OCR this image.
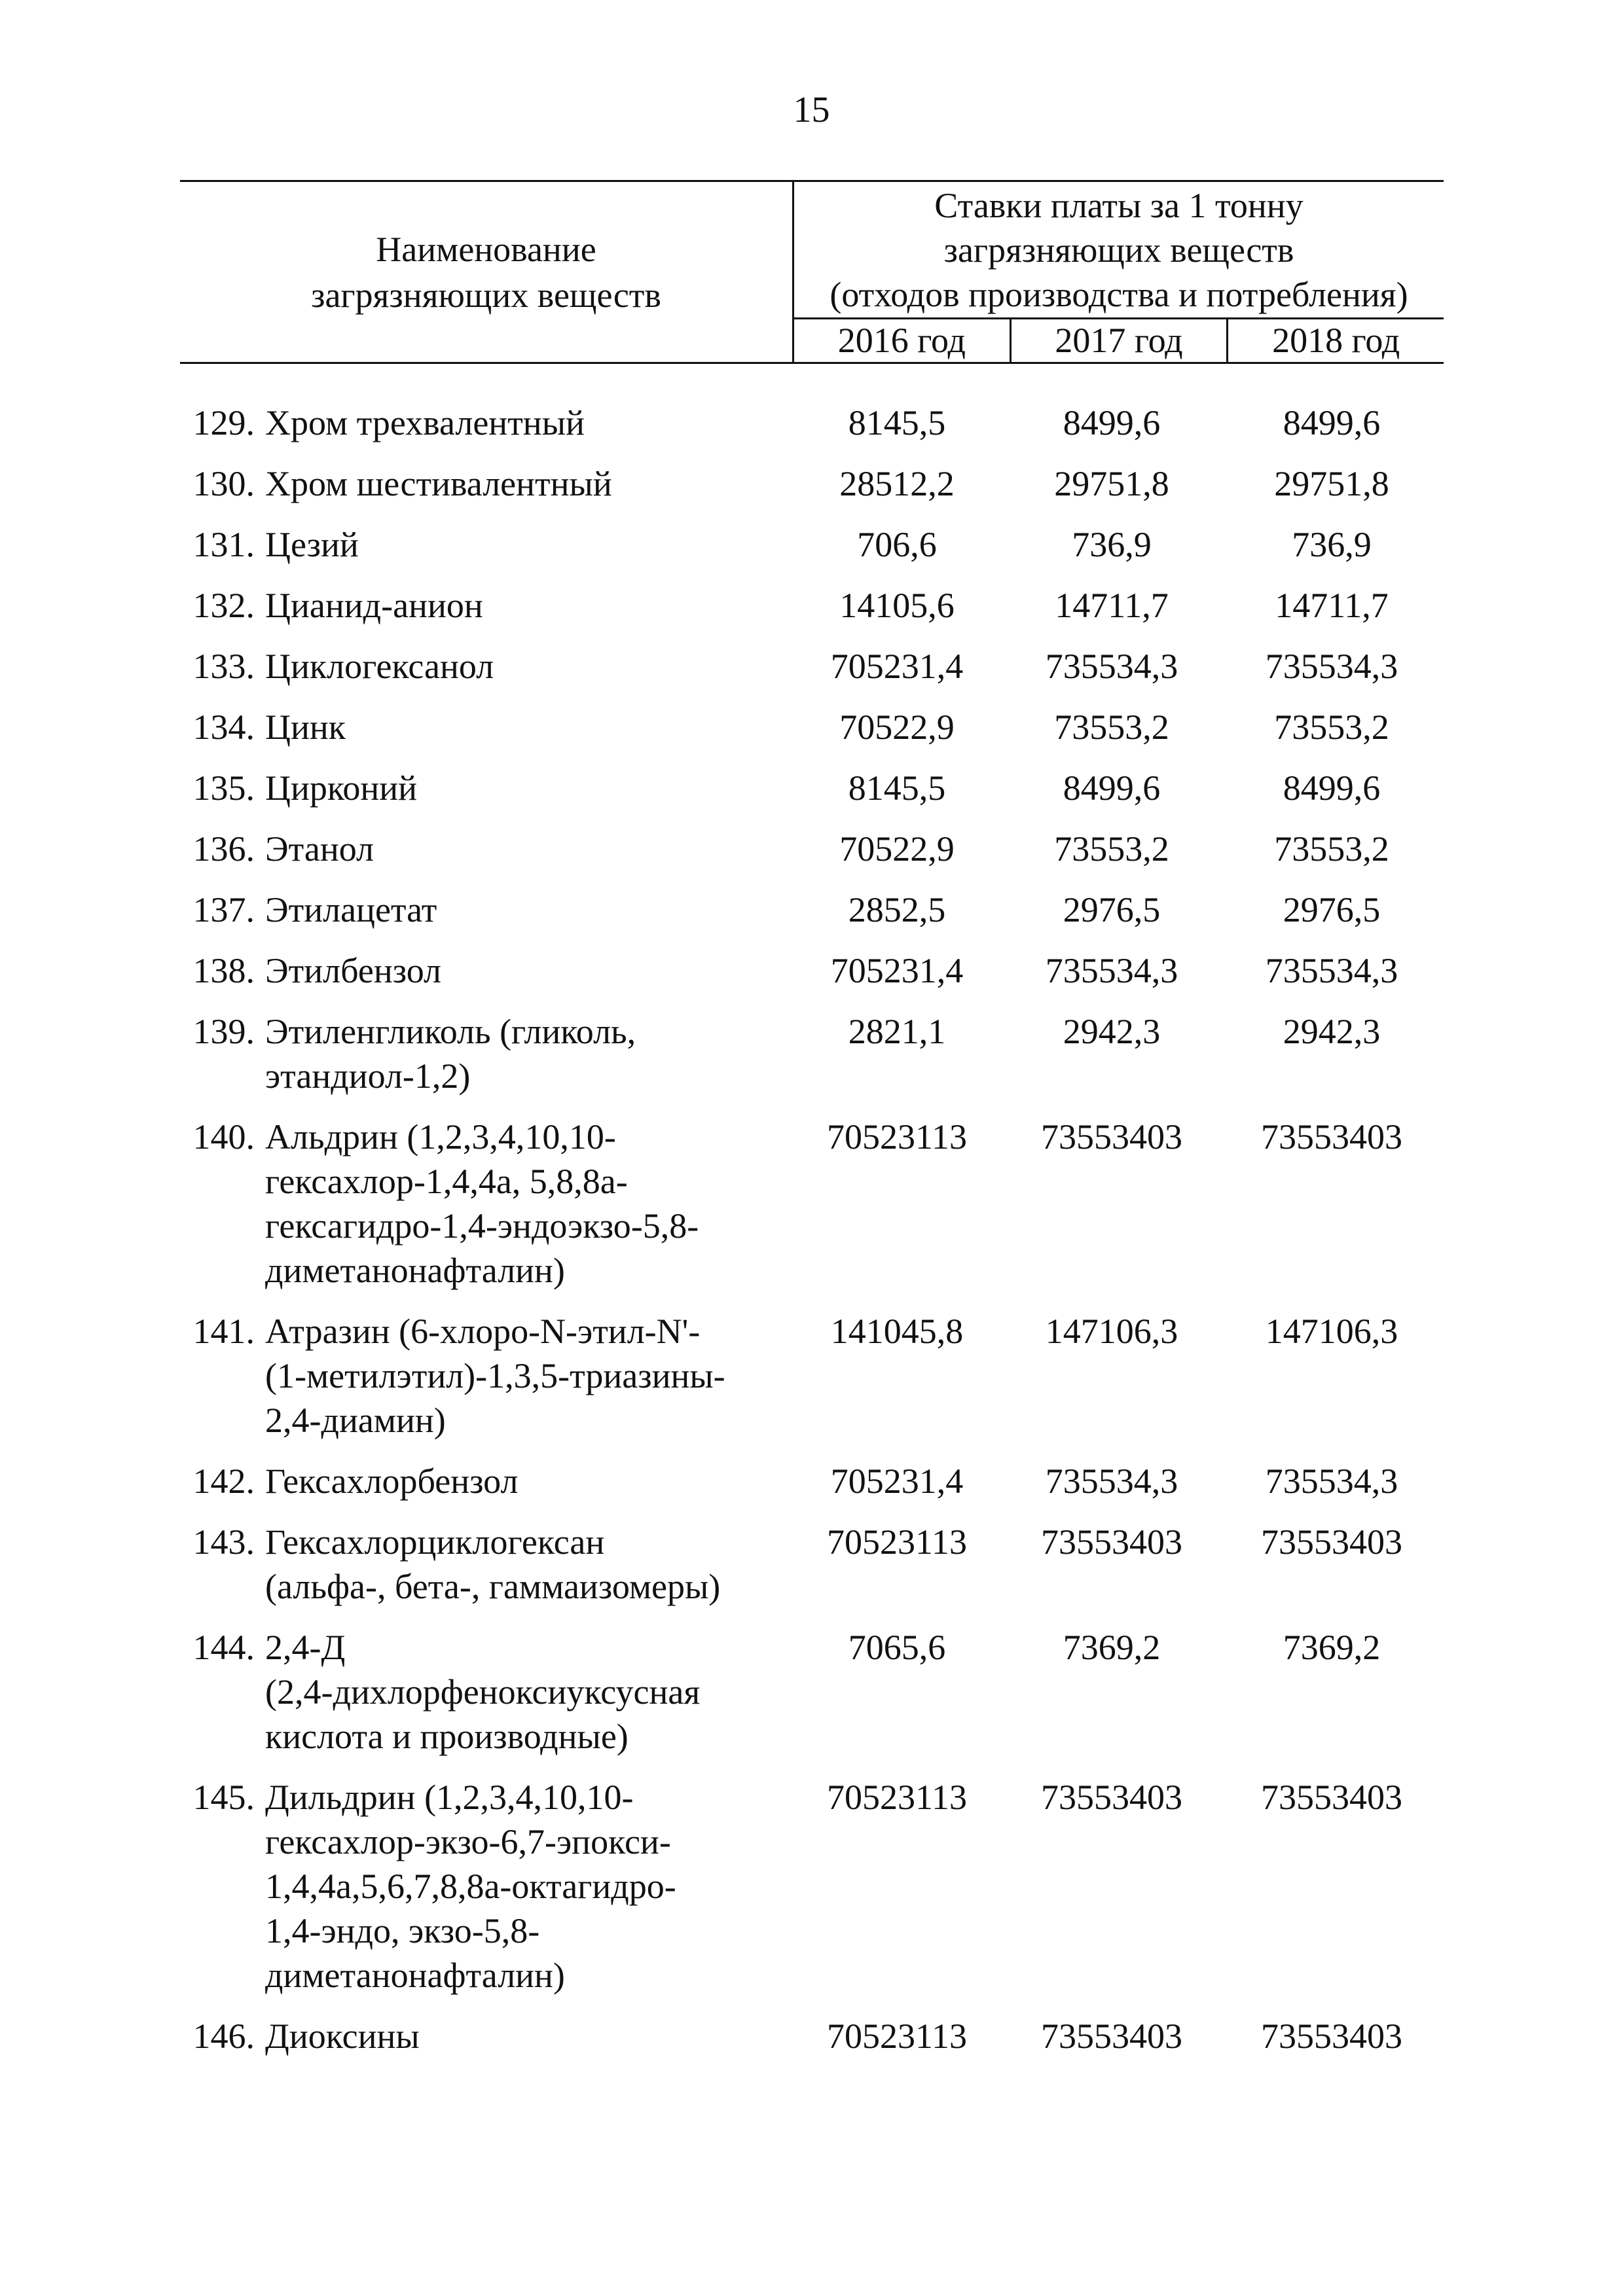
15
Наименование
загрязняющих веществ
Ставки платы за 1 тонну
загрязняющих веществ
(отходов производства и потребления)
2016 год	2017 год	2018 год
129. Хром трехвалентный	8145,5	8499,6	8499,6
130. Хром шестивалентный	28512,2	29751,8	29751,8
131. Цезий	706,6	736,9	736,9
132. Цианид-анион	14105,6	14711,7	14711,7
133. Циклогексанол	705231,4	735534,3	735534,3
134. Цинк	70522,9	73553,2	73553,2
135. Цирконий	8145,5	8499,6	8499,6
136. Этанол	70522,9	73553,2	73553,2
137. Этилацетат	2852,5	2976,5	2976,5
138. Этилбензол	705231,4	735534,3	735534,3
139. Этиленгликоль (гликоль,
этандиол-1,2)
2821,1	2942,3	2942,3
140. Альдрин (1,2,3,4,10,10-
гексахлор-1,4,4а, 5,8,8а-
гексагидро-1,4-эндоэкзо-5,8-
диметанонафталин)
70523113	73553403	73553403
141. Атразин (6-хлоро-N-этил-N'-
(1-метилэтил)-1,3,5-триазины-
2,4-диамин)
141045,8	147106,3	147106,3
142. Гексахлорбензол	705231,4	735534,3	735534,3
143. Гексахлорциклогексан
(альфа-, бета-, гаммаизомеры)
70523113	73553403	73553403
144. 2,4-Д
(2,4-дихлорфеноксиуксусная
кислота и производные)
7065,6	7369,2	7369,2
145. Дильдрин (1,2,3,4,10,10-
гексахлор-экзо-6,7-эпокси-
1,4,4а,5,6,7,8,8а-октагидро-
1,4-эндо, экзо-5,8-
диметанонафталин)
70523113	73553403	73553403
146. Диоксины	70523113	73553403	73553403
